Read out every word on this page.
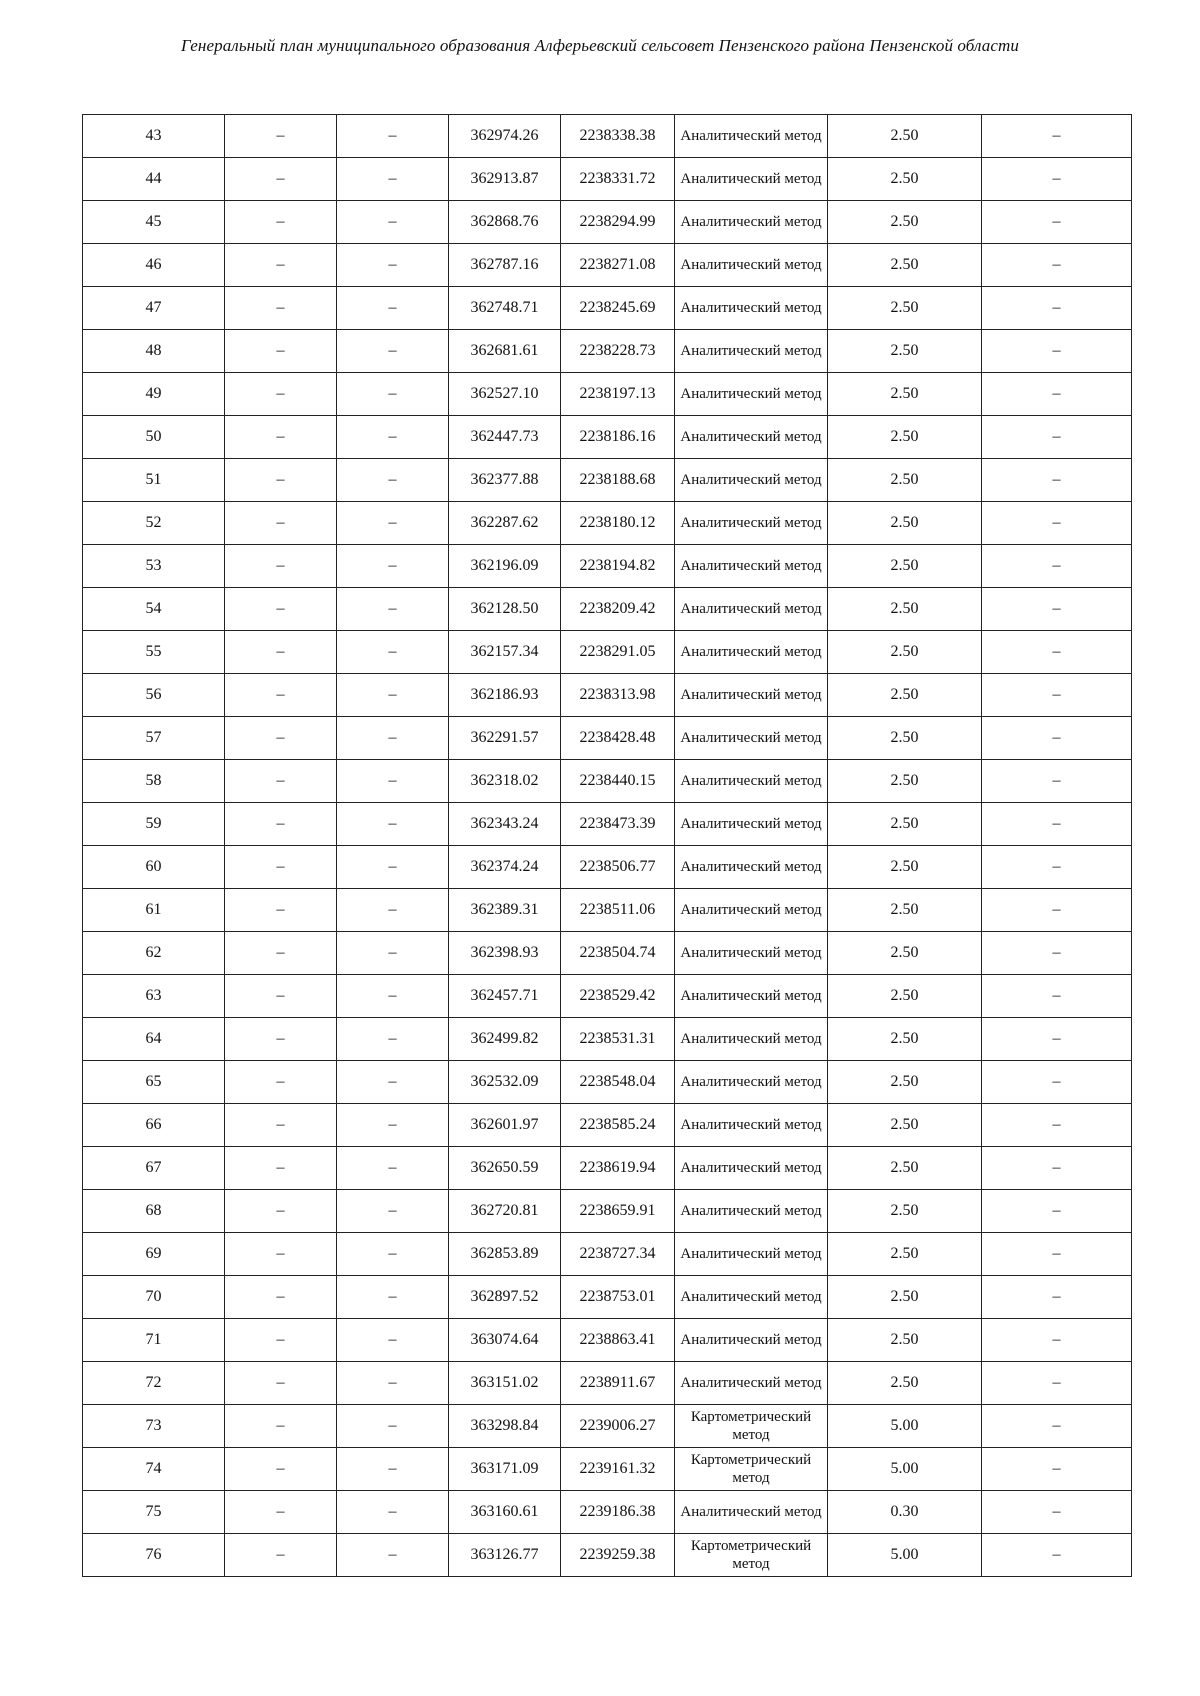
Генеральный план муниципального образования Алферьевский сельсовет Пензенского района Пензенской области
43	–	–	362974.26	2238338.38	Аналитический метод	2.50	–
44	–	–	362913.87	2238331.72	Аналитический метод	2.50	–
45	–	–	362868.76	2238294.99	Аналитический метод	2.50	–
46	–	–	362787.16	2238271.08	Аналитический метод	2.50	–
47	–	–	362748.71	2238245.69	Аналитический метод	2.50	–
48	–	–	362681.61	2238228.73	Аналитический метод	2.50	–
49	–	–	362527.10	2238197.13	Аналитический метод	2.50	–
50	–	–	362447.73	2238186.16	Аналитический метод	2.50	–
51	–	–	362377.88	2238188.68	Аналитический метод	2.50	–
52	–	–	362287.62	2238180.12	Аналитический метод	2.50	–
53	–	–	362196.09	2238194.82	Аналитический метод	2.50	–
54	–	–	362128.50	2238209.42	Аналитический метод	2.50	–
55	–	–	362157.34	2238291.05	Аналитический метод	2.50	–
56	–	–	362186.93	2238313.98	Аналитический метод	2.50	–
57	–	–	362291.57	2238428.48	Аналитический метод	2.50	–
58	–	–	362318.02	2238440.15	Аналитический метод	2.50	–
59	–	–	362343.24	2238473.39	Аналитический метод	2.50	–
60	–	–	362374.24	2238506.77	Аналитический метод	2.50	–
61	–	–	362389.31	2238511.06	Аналитический метод	2.50	–
62	–	–	362398.93	2238504.74	Аналитический метод	2.50	–
63	–	–	362457.71	2238529.42	Аналитический метод	2.50	–
64	–	–	362499.82	2238531.31	Аналитический метод	2.50	–
65	–	–	362532.09	2238548.04	Аналитический метод	2.50	–
66	–	–	362601.97	2238585.24	Аналитический метод	2.50	–
67	–	–	362650.59	2238619.94	Аналитический метод	2.50	–
68	–	–	362720.81	2238659.91	Аналитический метод	2.50	–
69	–	–	362853.89	2238727.34	Аналитический метод	2.50	–
70	–	–	362897.52	2238753.01	Аналитический метод	2.50	–
71	–	–	363074.64	2238863.41	Аналитический метод	2.50	–
72	–	–	363151.02	2238911.67	Аналитический метод	2.50	–
73	–	–	363298.84	2239006.27	Картометрический метод	5.00	–
74	–	–	363171.09	2239161.32	Картометрический метод	5.00	–
75	–	–	363160.61	2239186.38	Аналитический метод	0.30	–
76	–	–	363126.77	2239259.38	Картометрический метод	5.00	–
